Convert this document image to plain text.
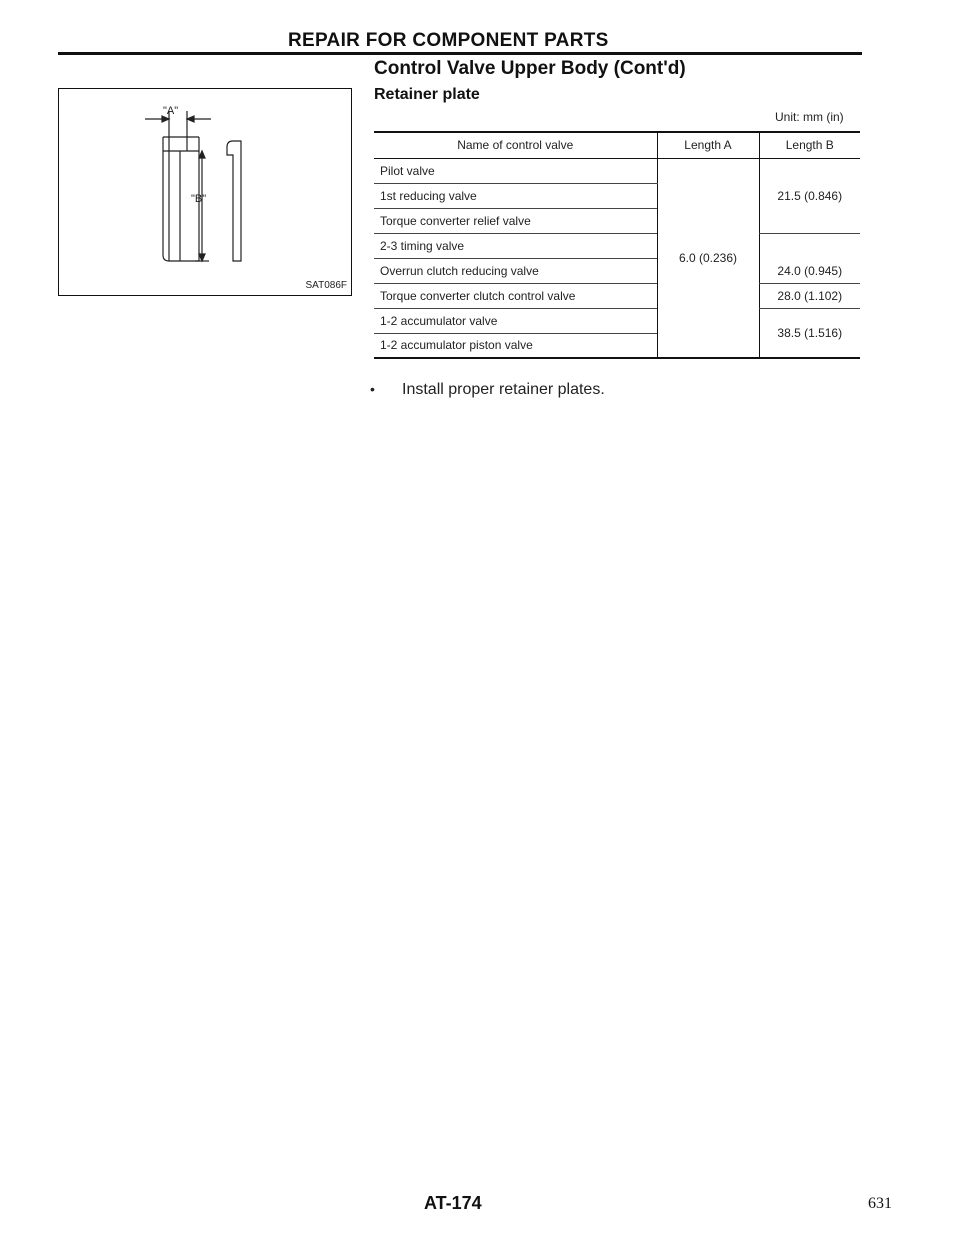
REPAIR FOR COMPONENT PARTS
Control Valve Upper Body (Cont'd)
Retainer plate
"A"
"B"
SAT086F
Unit: mm (in)
Name of control valve	Length A	Length B
Pilot valve	6.0 (0.236)	21.5 (0.846)
1st reducing valve		
Torque converter relief valve		
2-3 timing valve		24.0 (0.945)
Overrun clutch reducing valve		
Torque converter clutch control valve		28.0 (1.102)
1-2 accumulator valve		38.5 (1.516)
1-2 accumulator piston valve		
• Install proper retainer plates.
AT-174	631
